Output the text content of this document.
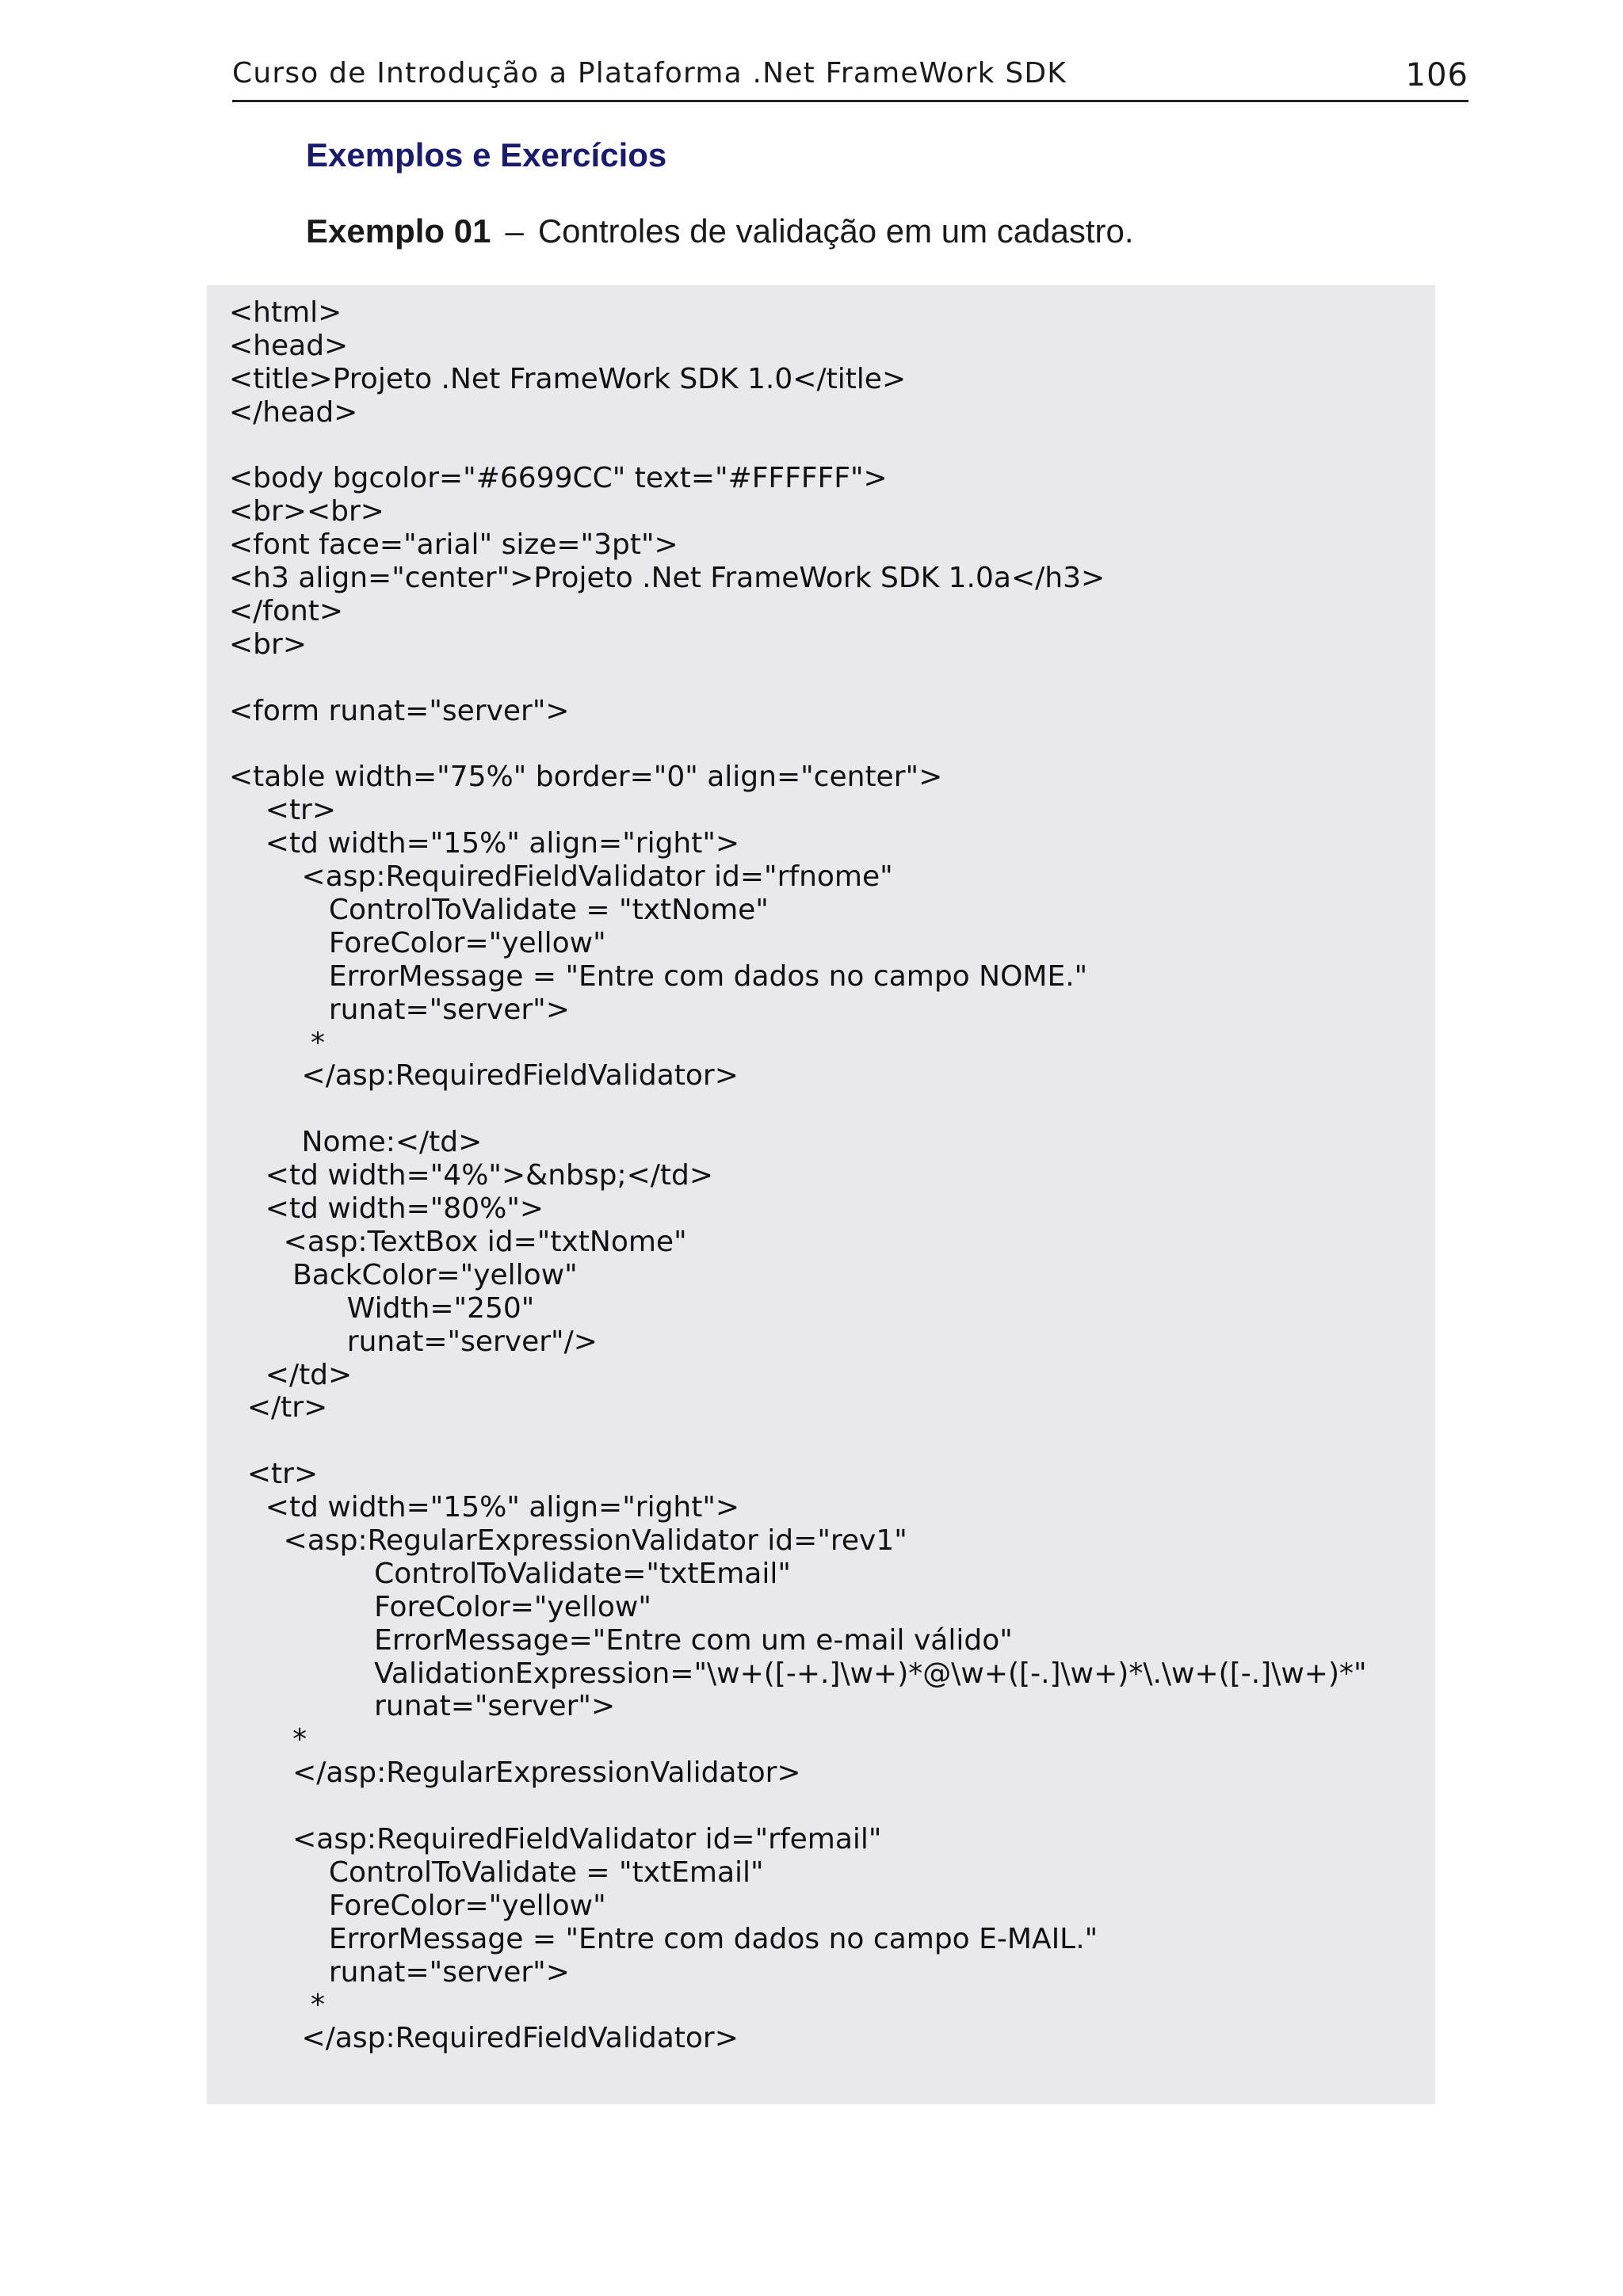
Curso de Introdução a Plataforma .Net FrameWork SDK	106
Exemplos e Exercícios
Exemplo 01 – Controles de validação em um cadastro.
<html>
<head>
<title>Projeto .Net FrameWork SDK 1.0</title>
</head>
<body bgcolor="#6699CC" text="#FFFFFF">
<br><br>
<font face="arial" size="3pt">
<h3 align="center">Projeto .Net FrameWork SDK 1.0a</h3>
</font>
<br>
<form runat="server">
<table width="75%" border="0" align="center">
<tr>
<td width="15%" align="right">
<asp:RequiredFieldValidator id="rfnome"
ControlToValidate = "txtNome"
ForeColor="yellow"
ErrorMessage = "Entre com dados no campo NOME."
runat="server">
*
</asp:RequiredFieldValidator>
Nome:</td>
<td width="4%">&nbsp;</td>
<td width="80%">
<asp:TextBox id="txtNome"
BackColor="yellow"
Width="250"
runat="server"/>
</td>
</tr>
<tr>
<td width="15%" align="right">
<asp:RegularExpressionValidator id="rev1"
ControlToValidate="txtEmail"
ForeColor="yellow"
ErrorMessage="Entre com um e-mail válido"
ValidationExpression="\w+([-+.]\w+)*@\w+([-.]\w+)*\.\w+([-.]\w+)*"
runat="server">
*
</asp:RegularExpressionValidator>
<asp:RequiredFieldValidator id="rfemail"
ControlToValidate = "txtEmail"
ForeColor="yellow"
ErrorMessage = "Entre com dados no campo E-MAIL."
runat="server">
*
</asp:RequiredFieldValidator>
